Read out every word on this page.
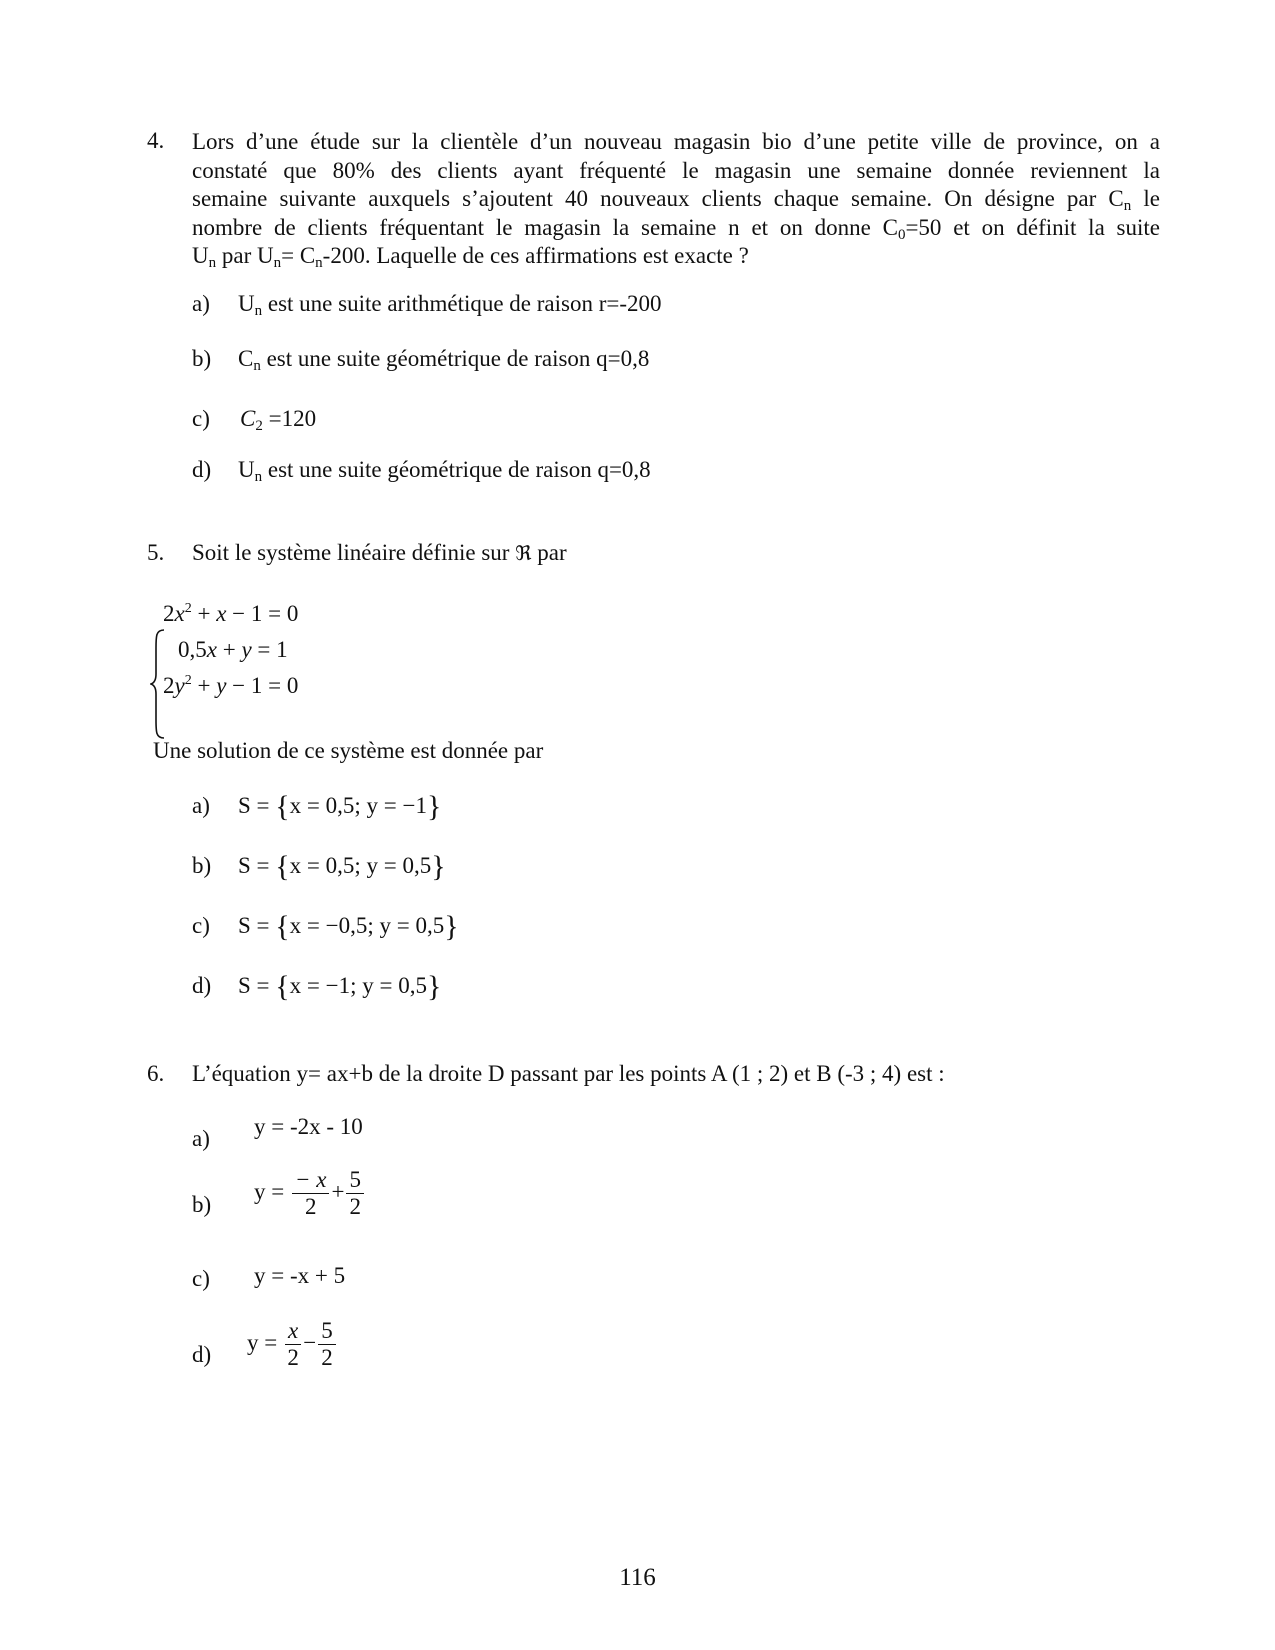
4. Lors d’une étude sur la clientèle d’un nouveau magasin bio d’une petite ville de province, on a
constaté que 80% des clients ayant fréquenté le magasin une semaine donnée reviennent la
semaine suivante auxquels s’ajoutent 40 nouveaux clients chaque semaine. On désigne par $C_n$ le
nombre de clients fréquentant le magasin la semaine n et on donne $C_0=50$ et on définit la suite
$U_n$ par $U_n= C_n-200$. Laquelle de ces affirmations est exacte ?
a) $U_n$ est une suite arithmétique de raison r=-200
b) $C_n$ est une suite géométrique de raison q=0,8
c) $C_2 =120$
d) $U_n$ est une suite géométrique de raison q=0,8
5. Soit le système linéaire définie sur ℜ par
$2x^2 + x - 1 = 0$
0,5x + y = 1
$2y^2 + y - 1 = 0$
Une solution de ce système est donnée par
a) S = {x = 0,5; y = −1}
b) S = {x = 0,5; y = 0,5}
c) S = {x = −0,5; y = 0,5}
d) S = {x = −1; y = 0,5}
6. L’équation y= ax+b de la droite D passant par les points A (1 ; 2) et B (-3 ; 4) est :
a) y = -2x - 10
b)
$y = \frac{- x}{2} + \frac{5}{2}$
c) y = -x + 5
d) $y = \frac{x}{2} - \frac{5}{2}$
116
